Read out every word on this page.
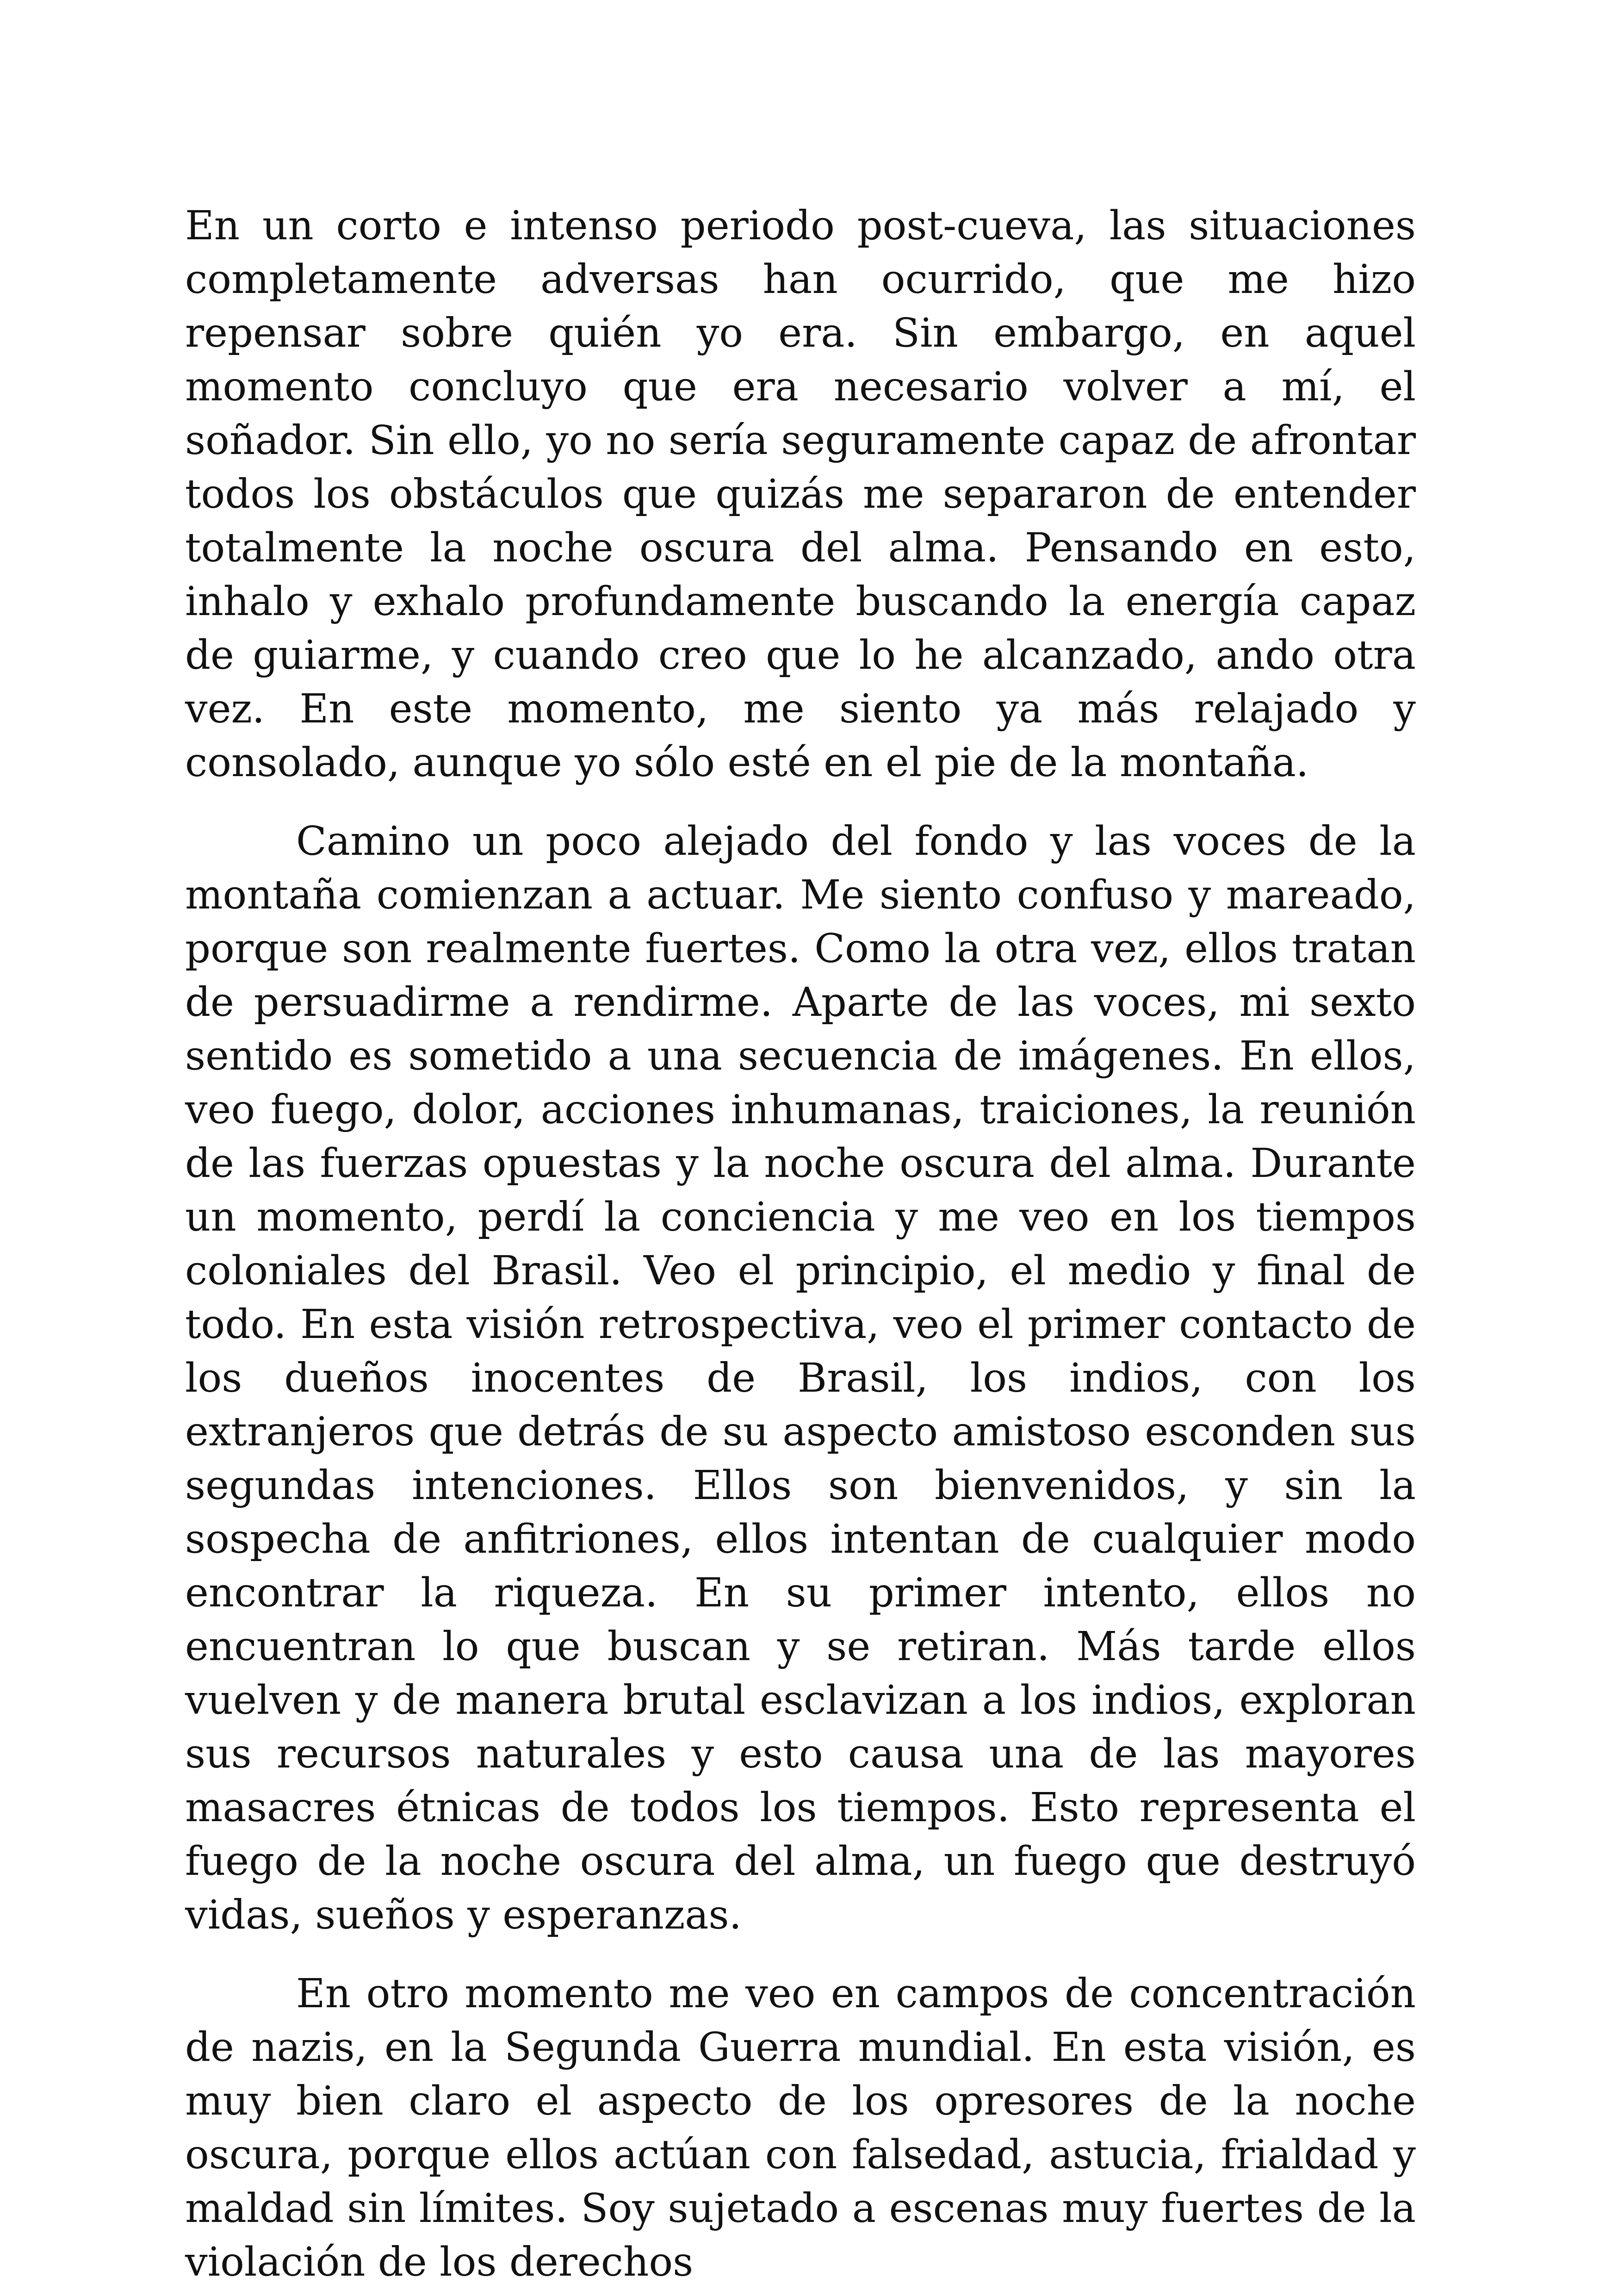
En un corto e intenso periodo post-cueva, las situaciones completamente adversas han ocurrido, que me hizo repensar sobre quién yo era. Sin embargo, en aquel momento concluyo que era necesario volver a mí, el soñador. Sin ello, yo no sería seguramente capaz de afrontar todos los obstáculos que quizás me separaron de entender totalmente la noche oscura del alma. Pensando en esto, inhalo y exhalo profundamente buscando la energía capaz de guiarme, y cuando creo que lo he alcanzado, ando otra vez. En este momento, me siento ya más relajado y consolado, aunque yo sólo esté en el pie de la montaña.

Camino un poco alejado del fondo y las voces de la montaña comienzan a actuar. Me siento confuso y mareado, porque son realmente fuertes. Como la otra vez, ellos tratan de persuadirme a rendirme. Aparte de las voces, mi sexto sentido es sometido a una secuencia de imágenes. En ellos, veo fuego, dolor, acciones inhumanas, traiciones, la reunión de las fuerzas opuestas y la noche oscura del alma. Durante un momento, perdí la conciencia y me veo en los tiempos coloniales del Brasil. Veo el principio, el medio y final de todo. En esta visión retrospectiva, veo el primer contacto de los dueños inocentes de Brasil, los indios, con los extranjeros que detrás de su aspecto amistoso esconden sus segundas intenciones. Ellos son bienvenidos, y sin la sospecha de anfitriones, ellos intentan de cualquier modo encontrar la riqueza. En su primer intento, ellos no encuentran lo que buscan y se retiran. Más tarde ellos vuelven y de manera brutal esclavizan a los indios, exploran sus recursos naturales y esto causa una de las mayores masacres étnicas de todos los tiempos. Esto representa el fuego de la noche oscura del alma, un fuego que destruyó vidas, sueños y esperanzas.

En otro momento me veo en campos de concentración de nazis, en la Segunda Guerra mundial. En esta visión, es muy bien claro el aspecto de los opresores de la noche oscura, porque ellos actúan con falsedad, astucia, frialdad y maldad sin límites. Soy sujetado a escenas muy fuertes de la violación de los derechos
